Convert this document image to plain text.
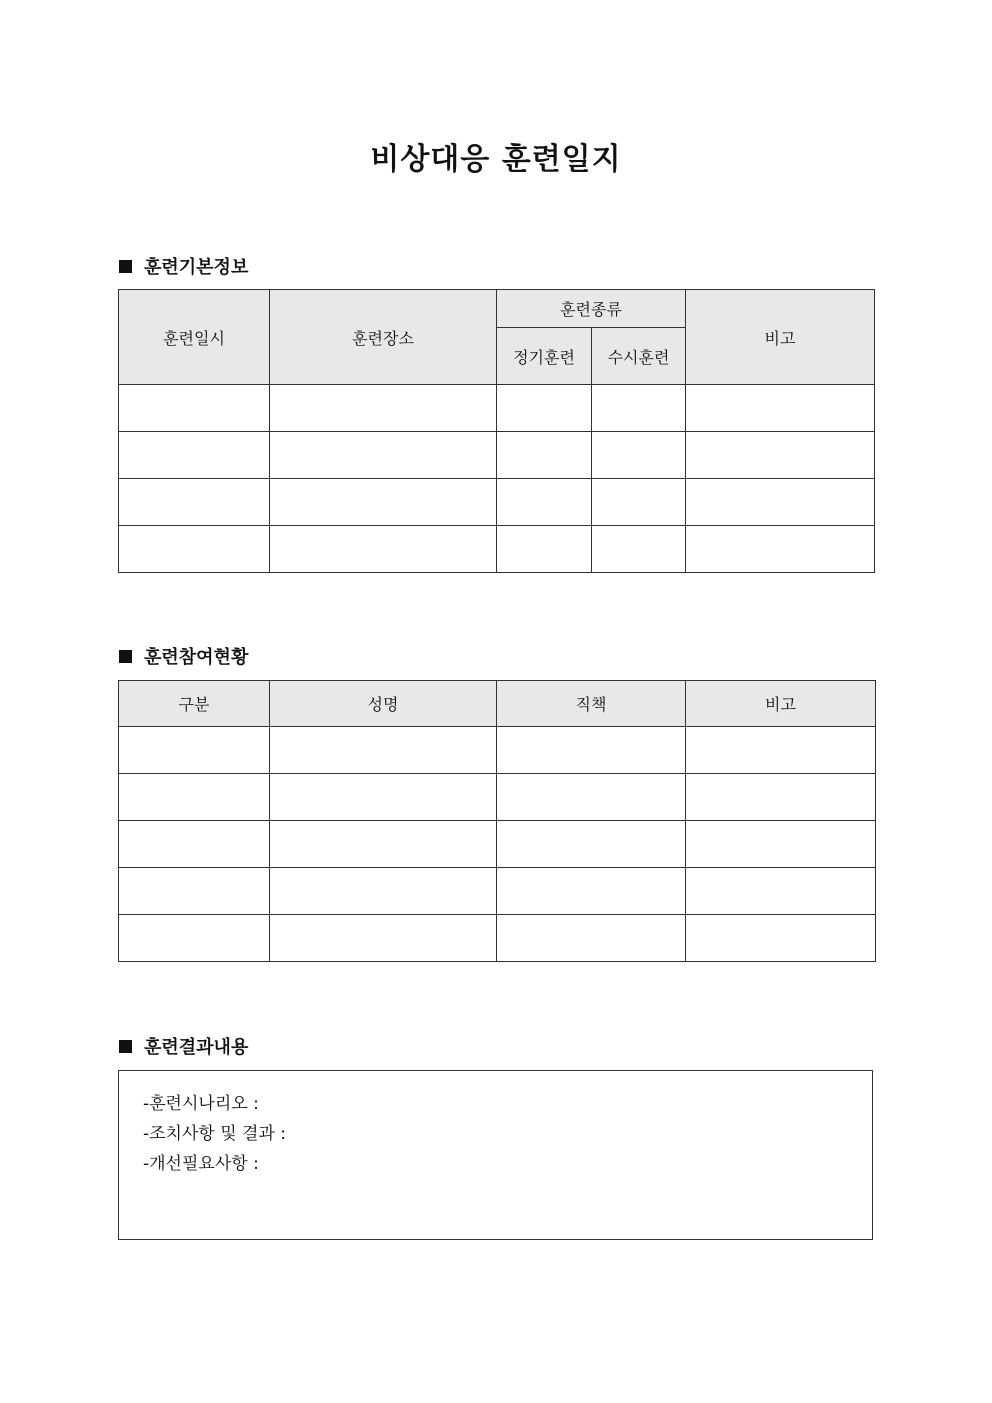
비상대응 훈련일지
훈련기본정보
훈련일시	훈련장소	훈련종류		비고
		정기훈련	수시훈련	

훈련참여현황
구분	성명	직책	비고

훈련결과내용
-훈련시나리오 :
-조치사항 및 결과 :
-개선필요사항 :
